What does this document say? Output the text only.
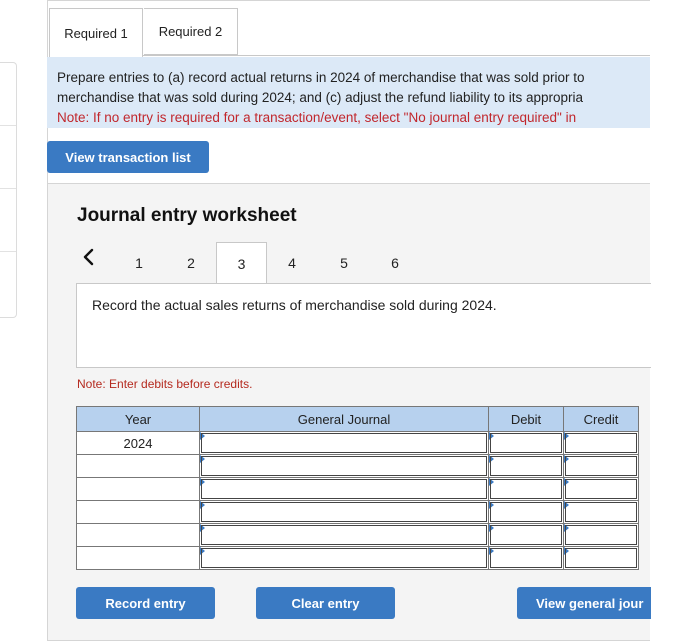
Required 1 Required 2
Prepare entries to (a) record actual returns in 2024 of merchandise that was sold prior to
merchandise that was sold during 2024; and (c) adjust the refund liability to its appropria
Note: If no entry is required for a transaction/event, select "No journal entry required" in
View transaction list
Journal entry worksheet
1	2	3	4	5	6
Record the actual sales returns of merchandise sold during 2024.
Note: Enter debits before credits.
Year	General Journal	Debit	Credit
2024	

Record entry	Clear entry	View general jour
